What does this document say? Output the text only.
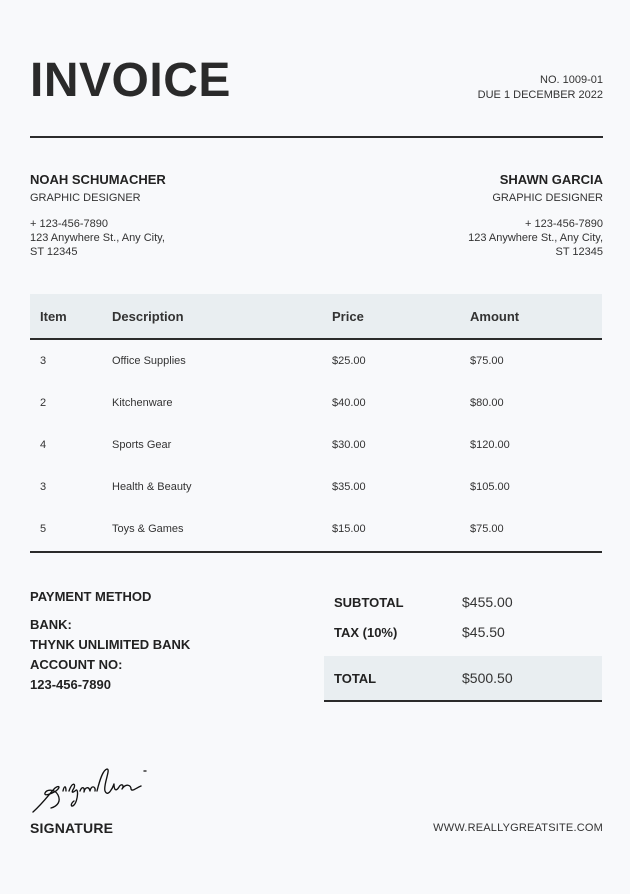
INVOICE	NO. 1009-01
DUE 1 DECEMBER 2022
NOAH SCHUMACHER
GRAPHIC DESIGNER
+ 123-456-7890
123 Anywhere St., Any City,
ST 12345
SHAWN GARCIA
GRAPHIC DESIGNER
+ 123-456-7890
123 Anywhere St., Any City,
ST 12345
Item	Description	Price	Amount
3	Office Supplies	$25.00	$75.00
2	Kitchenware	$40.00	$80.00
4	Sports Gear	$30.00	$120.00
3	Health & Beauty	$35.00	$105.00
5	Toys & Games	$15.00	$75.00
PAYMENT METHOD
BANK:
THYNK UNLIMITED BANK
ACCOUNT NO:
123-456-7890
SUBTOTAL	$455.00
TAX (10%)	$45.50
TOTAL	$500.50
SIGNATURE	WWW.REALLYGREATSITE.COM
